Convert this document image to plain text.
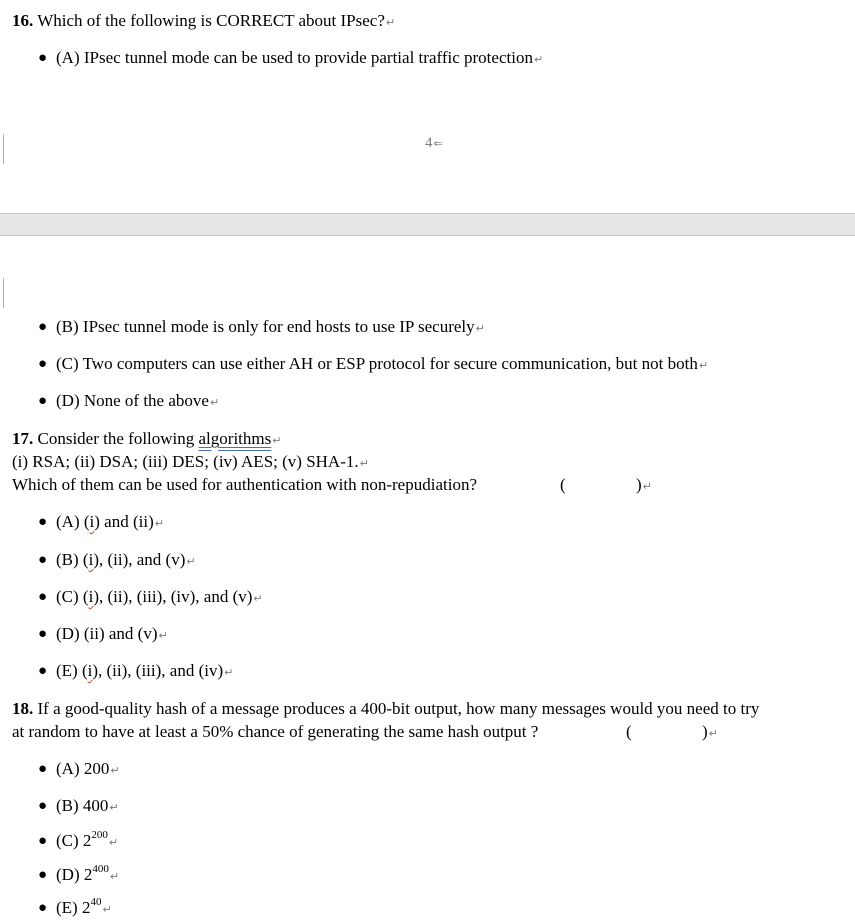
16. Which of the following is CORRECT about IPsec?↵
● (A) IPsec tunnel mode can be used to provide partial traffic protection↵
4⇐
● (B) IPsec tunnel mode is only for end hosts to use IP securely↵
● (C) Two computers can use either AH or ESP protocol for secure communication, but not both↵
● (D) None of the above↵
17. Consider the following algorithms↵
(i) RSA; (ii) DSA; (iii) DES; (iv) AES; (v) SHA-1.↵
Which of them can be used for authentication with non-repudiation?	(	)↵
● (A) (i) and (ii)↵
● (B) (i), (ii), and (v)↵
● (C) (i), (ii), (iii), (iv), and (v)↵
● (D) (ii) and (v)↵
● (E) (i), (ii), (iii), and (iv)↵
18. If a good-quality hash of a message produces a 400-bit output, how many messages would you need to try
at random to have at least a 50% chance of generating the same hash output ?	(	)↵
● (A) 200↵
● (B) 400↵
● (C) $2^{200}↵$
● (D) $2^{400}↵$
● (E) $2^{40}↵$
